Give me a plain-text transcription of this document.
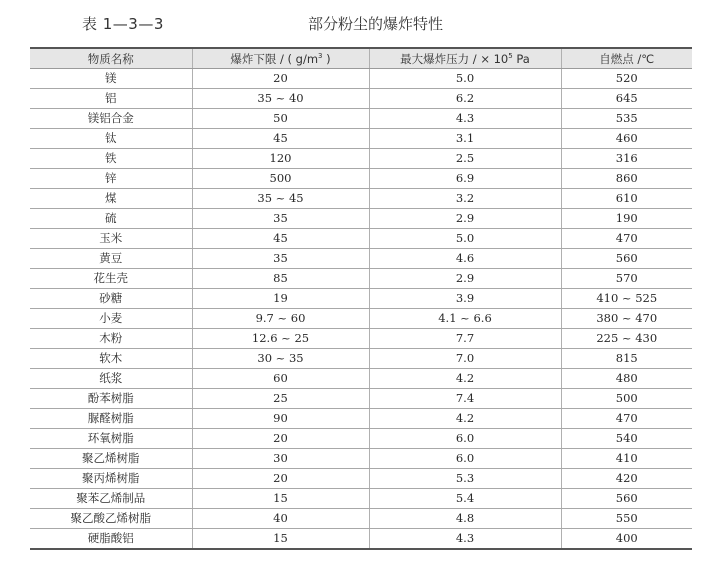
表 1—3—3	部分粉尘的爆炸特性
物质名称	爆炸下限 / ( $g/m^3$ )	最大爆炸压力 / × $10^5$ Pa	自燃点 /℃
镁	20	5.0	520
铝	35 ~ 40	6.2	645
镁铝合金	50	4.3	535
钛	45	3.1	460
铁	120	2.5	316
锌	500	6.9	860
煤	35 ~ 45	3.2	610
硫	35	2.9	190
玉米	45	5.0	470
黄豆	35	4.6	560
花生壳	85	2.9	570
砂糖	19	3.9	410 ~ 525
小麦	9.7 ~ 60	4.1 ~ 6.6	380 ~ 470
木粉	12.6 ~ 25	7.7	225 ~ 430
软木	30 ~ 35	7.0	815
纸浆	60	4.2	480
酚苯树脂	25	7.4	500
脲醛树脂	90	4.2	470
环氧树脂	20	6.0	540
聚乙烯树脂	30	6.0	410
聚丙烯树脂	20	5.3	420
聚苯乙烯制品	15	5.4	560
聚乙酸乙烯树脂	40	4.8	550
硬脂酸铝	15	4.3	400
